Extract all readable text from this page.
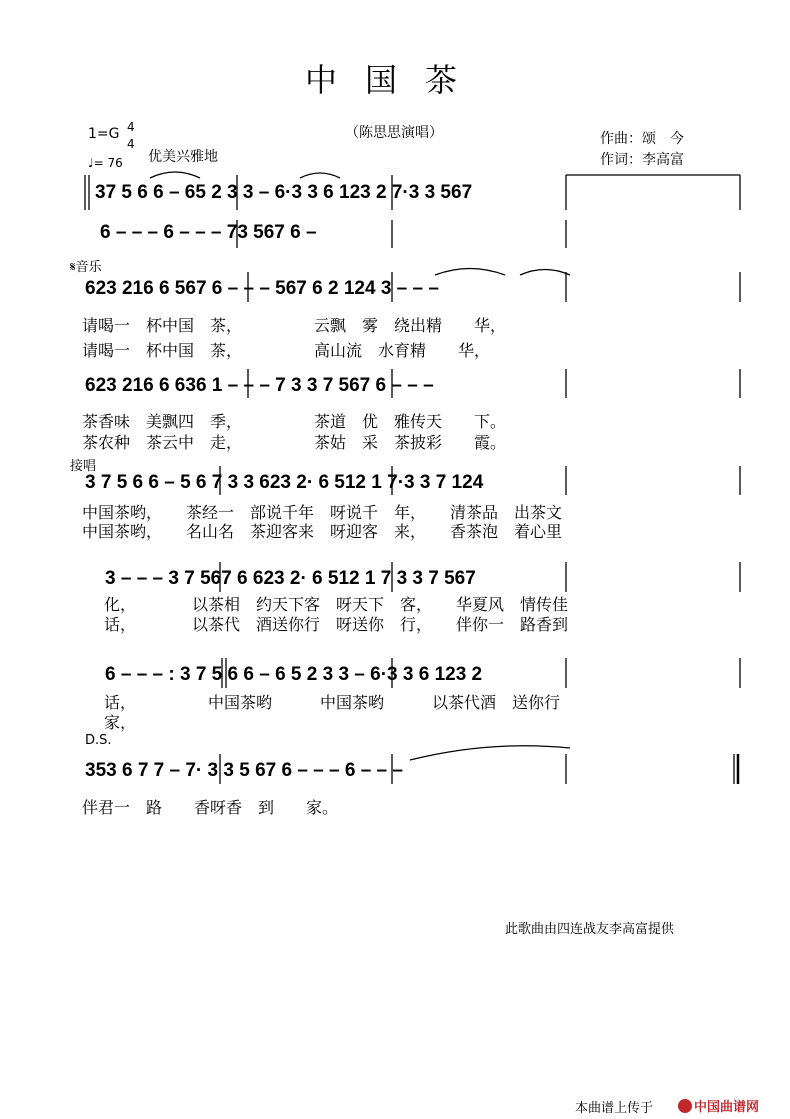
中国茶
（陈思思演唱）
1=G 4
4
♩= 76 优美兴雅地
作曲：颂　今
作词：李高富
37 5 6 6 – 65 2 3 3 – 6·3 3 6 123 2 7·3 3 567
6 – – – 6 – – – 73 567 6 –
𝄋音乐
623 216 6 567 6 – – – 567 6 2 124 3 – – –
请喝一　杯中国　茶，　　　　　云飘　雾　绕出精　　华，
请喝一　杯中国　茶，　　　　　高山流　水育精　　华，
623 216 6 636 1 – – – 7 3 3 7 567 6 – – –
茶香味　美飘四　季，　　　　　茶道　优　雅传天　　下。
茶农种　茶云中　走，　　　　　茶姑　采　茶披彩　　霞。
接唱
3 7 5 6 6 – 5 6 7 3 3 623 2· 6 512 1 7·3 3 7 124
中国茶哟，　　茶经一　部说千年　呀说千　年，　　清茶品　出茶文
中国茶哟，　　名山名　茶迎客来　呀迎客　来，　　香茶泡　着心里
3 – – – 3 7 567 6 623 2· 6 512 1 7 3 3 7 567
化，　　　　以茶相　约天下客　呀天下　客，　　华夏风　情传佳
话，　　　　以茶代　酒送你行　呀送你　行，　　伴你一　路香到
6 – – – : 3 7 5 6 6 – 6 5 2 3 3 – 6·3 3 6 123 2
话，　　　　　中国茶哟　　　中国茶哟　　　以茶代酒　送你行
家，
D.S.
353 6 7 7 – 7· 3 3 5 67 6 – – – 6 – – –
伴君一　路　　香呀香　到　　家。
此歌曲由四连战友李高富提供
本曲谱上传于	中国曲谱网
